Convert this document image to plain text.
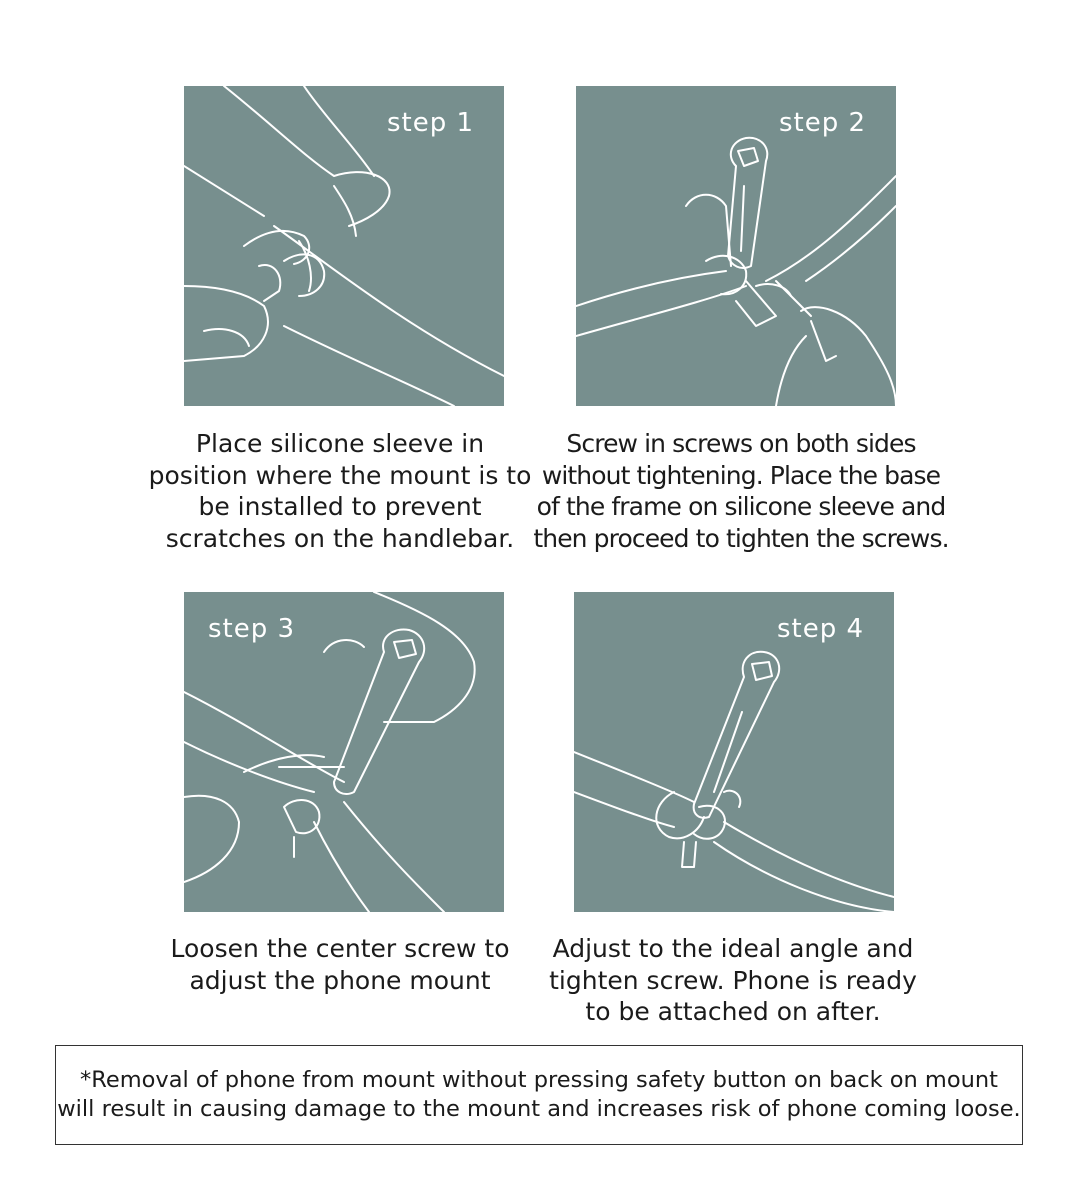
step 1	step 2
Place silicone sleeve in
position where the mount is to
be installed to prevent
scratches on the handlebar.
Screw in screws on both sides
without tightening. Place the base
of the frame on silicone sleeve and
then proceed to tighten the screws.
step 3	step 4
Loosen the center screw to
adjust the phone mount
Adjust to the ideal angle and
tighten screw. Phone is ready
to be attached on after.
*Removal of phone from mount without pressing safety button on back on mount
will result in causing damage to the mount and increases risk of phone coming loose.
